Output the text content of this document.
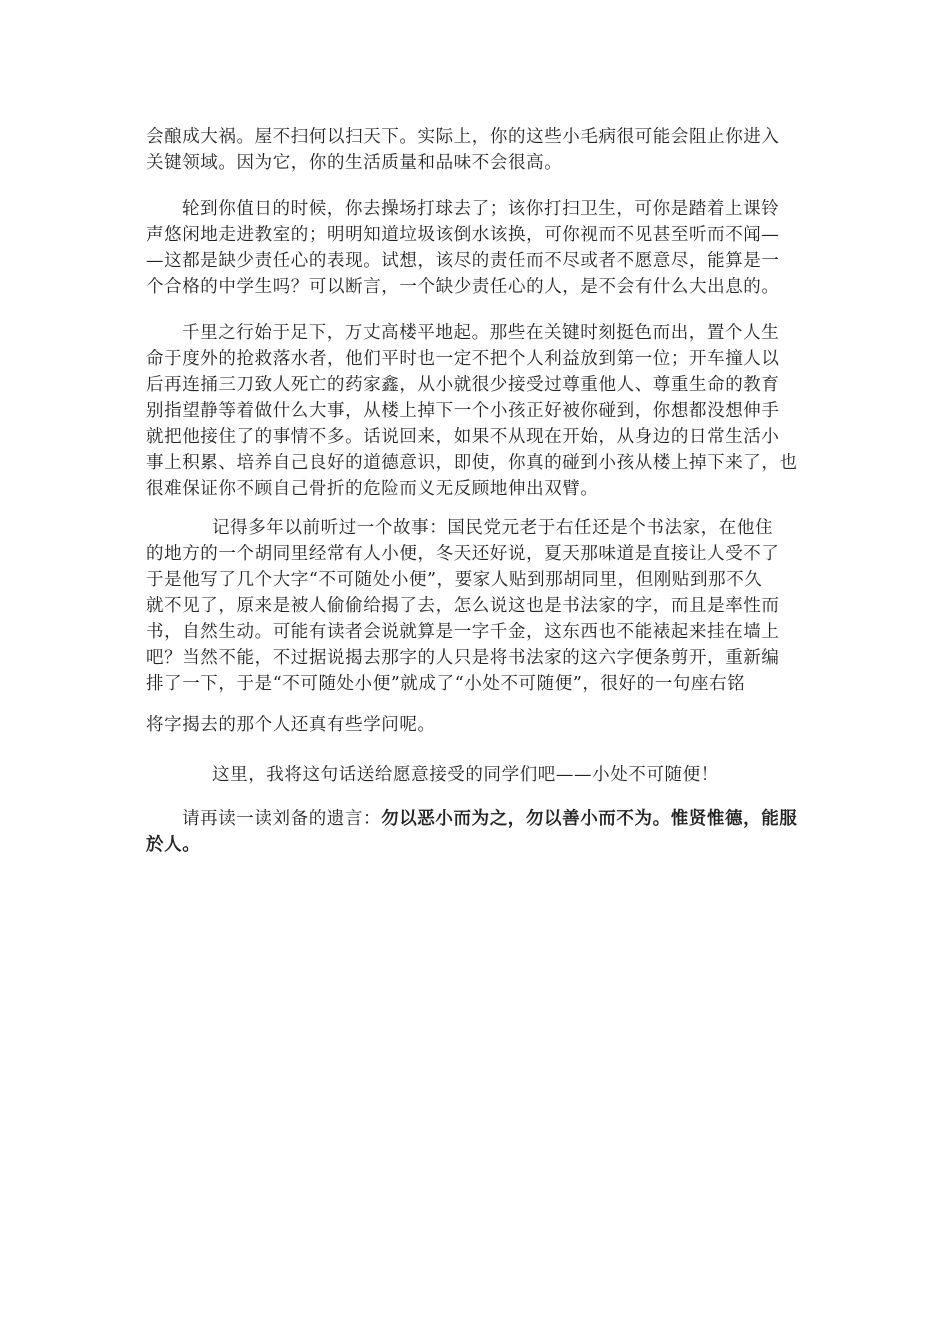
会酿成大祸。屋不扫何以扫天下。实际上，你的这些小毛病很可能会阻止你进入
关键领域。因为它，你的生活质量和品味不会很高。
轮到你值日的时候，你去操场打球去了；该你打扫卫生，可你是踏着上课铃
声悠闲地走进教室的；明明知道垃圾该倒水该换，可你视而不见甚至听而不闻—
—这都是缺少责任心的表现。试想，该尽的责任而不尽或者不愿意尽，能算是一
个合格的中学生吗？可以断言，一个缺少责任心的人，是不会有什么大出息的。
千里之行始于足下，万丈高楼平地起。那些在关键时刻挺色而出，置个人生
命于度外的抢救落水者，他们平时也一定不把个人利益放到第一位；开车撞人以
后再连捅三刀致人死亡的药家鑫，从小就很少接受过尊重他人、尊重生命的教育
别指望静等着做什么大事，从楼上掉下一个小孩正好被你碰到，你想都没想伸手
就把他接住了的事情不多。话说回来，如果不从现在开始，从身边的日常生活小
事上积累、培养自己良好的道德意识，即使，你真的碰到小孩从楼上掉下来了，也
很难保证你不顾自己骨折的危险而义无反顾地伸出双臂。
记得多年以前听过一个故事：国民党元老于右任还是个书法家，在他住
的地方的一个胡同里经常有人小便，冬天还好说，夏天那味道是直接让人受不了
于是他写了几个大字“不可随处小便”，要家人贴到那胡同里，但刚贴到那不久
就不见了，原来是被人偷偷给揭了去，怎么说这也是书法家的字，而且是率性而
书，自然生动。可能有读者会说就算是一字千金，这东西也不能裱起来挂在墙上
吧？当然不能，不过据说揭去那字的人只是将书法家的这六字便条剪开，重新编
排了一下，于是“不可随处小便”就成了“小处不可随便”，很好的一句座右铭
将字揭去的那个人还真有些学问呢。
这里，我将这句话送给愿意接受的同学们吧——小处不可随便！
请再读一读刘备的遗言：勿以恶小而为之，勿以善小而不为。惟贤惟德，能服
於人。
